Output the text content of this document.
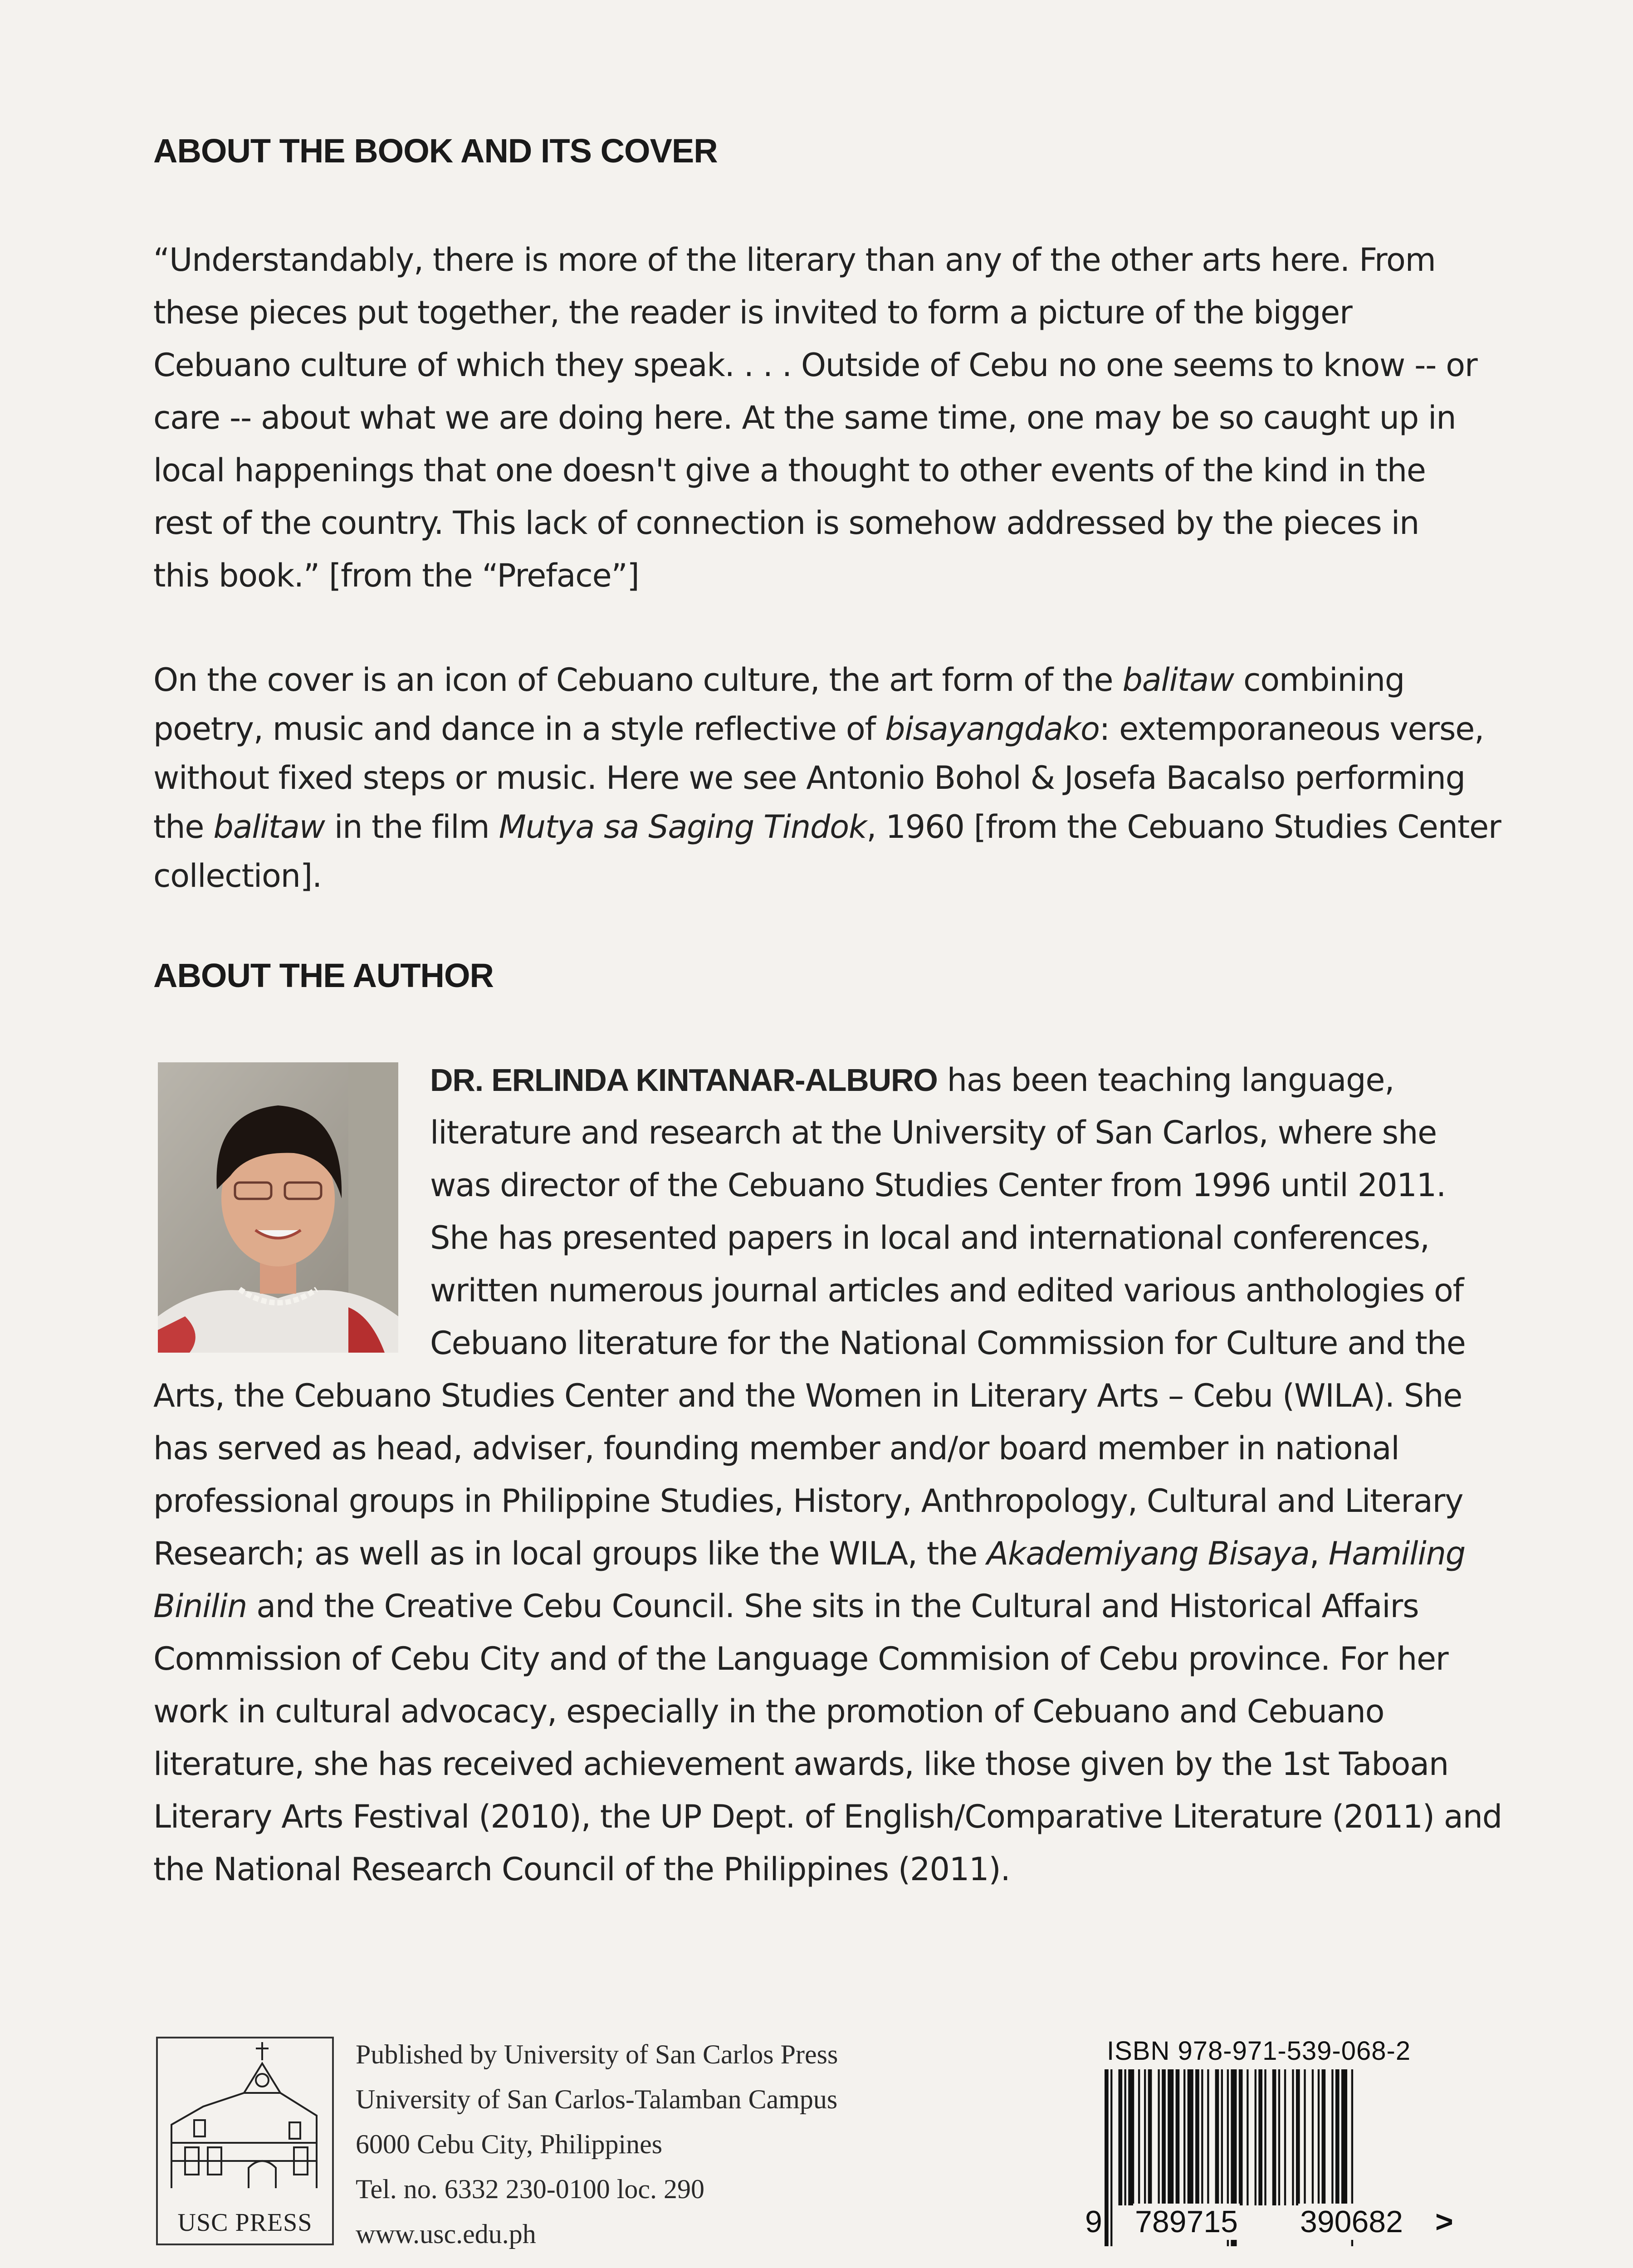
ABOUT THE BOOK AND ITS COVER

“Understandably, there is more of the literary than any of the other arts here. From
these pieces put together, the reader is invited to form a picture of the bigger
Cebuano culture of which they speak. . . . Outside of Cebu no one seems to know -- or
care -- about what we are doing here. At the same time, one may be so caught up in
local happenings that one doesn't give a thought to other events of the kind in the
rest of the country. This lack of connection is somehow addressed by the pieces in
this book.” [from the “Preface”]

On the cover is an icon of Cebuano culture, the art form of the balitaw combining
poetry, music and dance in a style reflective of bisayangdako: extemporaneous verse,
without fixed steps or music. Here we see Antonio Bohol & Josefa Bacalso performing
the balitaw in the film Mutya sa Saging Tindok, 1960 [from the Cebuano Studies Center
collection].

ABOUT THE AUTHOR

DR. ERLINDA KINTANAR-ALBURO has been teaching language,
literature and research at the University of San Carlos, where she
was director of the Cebuano Studies Center from 1996 until 2011.
She has presented papers in local and international conferences,
written numerous journal articles and edited various anthologies of
Cebuano literature for the National Commission for Culture and the

Arts, the Cebuano Studies Center and the Women in Literary Arts – Cebu (WILA). She
has served as head, adviser, founding member and/or board member in national
professional groups in Philippine Studies, History, Anthropology, Cultural and Literary
Research; as well as in local groups like the WILA, the Akademiyang Bisaya, Hamiling
Binilin and the Creative Cebu Council. She sits in the Cultural and Historical Affairs
Commission of Cebu City and of the Language Commision of Cebu province. For her
work in cultural advocacy, especially in the promotion of Cebuano and Cebuano
literature, she has received achievement awards, like those given by the 1st Taboan
Literary Arts Festival (2010), the UP Dept. of English/Comparative Literature (2011) and
the National Research Council of the Philippines (2011).

USC PRESS

Published by University of San Carlos Press
University of San Carlos-Talamban Campus
6000 Cebu City, Philippines
Tel. no. 6332 230-0100 loc. 290
www.usc.edu.ph

ISBN 978-971-539-068-2
9 789715 390682 >
